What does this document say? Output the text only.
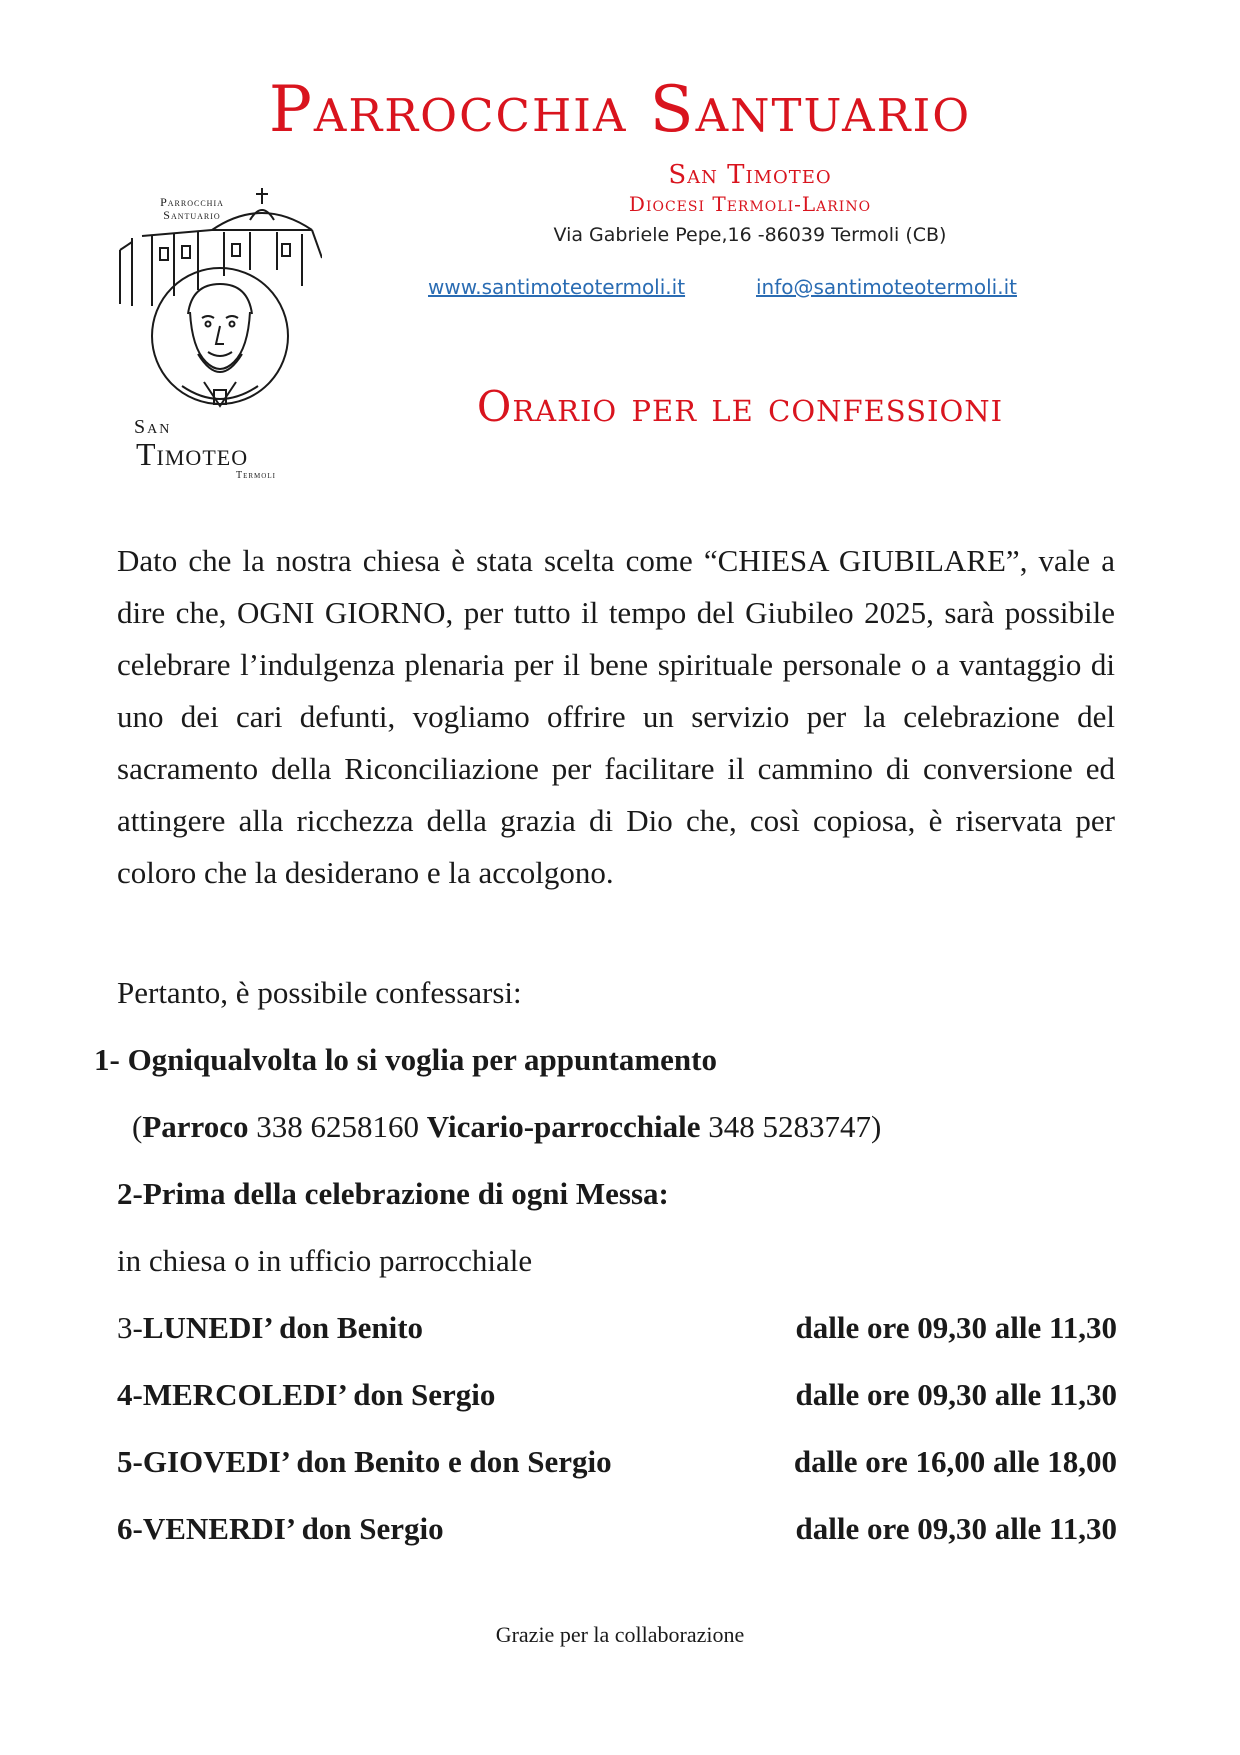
Parrocchia Santuario
San Timoteo
Diocesi Termoli-Larino
Via Gabriele Pepe,16 -86039 Termoli (CB)
www.santimoteotermoli.it	info@santimoteotermoli.it
Parrocchia
Santuario
San
Timoteo
Termoli
Orario per le confessioni
Dato che la nostra chiesa è stata scelta come “CHIESA GIUBILARE”, vale a dire che, OGNI GIORNO, per tutto il tempo del Giubileo 2025, sarà possibile celebrare l’indulgenza plenaria per il bene spirituale personale o a vantaggio di uno dei cari defunti, vogliamo offrire un servizio per la celebrazione del sacramento della Riconciliazione per facilitare il cammino di conversione ed attingere alla ricchezza della grazia di Dio che, così copiosa, è riservata per coloro che la desiderano e la accolgono.
Pertanto, è possibile confessarsi:
1- Ogniqualvolta lo si voglia per appuntamento
(Parroco 338 6258160 Vicario-parrocchiale 348 5283747)
2-Prima della celebrazione di ogni Messa:
in chiesa o in ufficio parrocchiale
3-LUNEDI’ don Benito	dalle ore 09,30 alle 11,30
4-MERCOLEDI’ don Sergio	dalle ore 09,30 alle 11,30
5-GIOVEDI’ don Benito e don Sergio	dalle ore 16,00 alle 18,00
6-VENERDI’ don Sergio	dalle ore 09,30 alle 11,30
Grazie per la collaborazione
